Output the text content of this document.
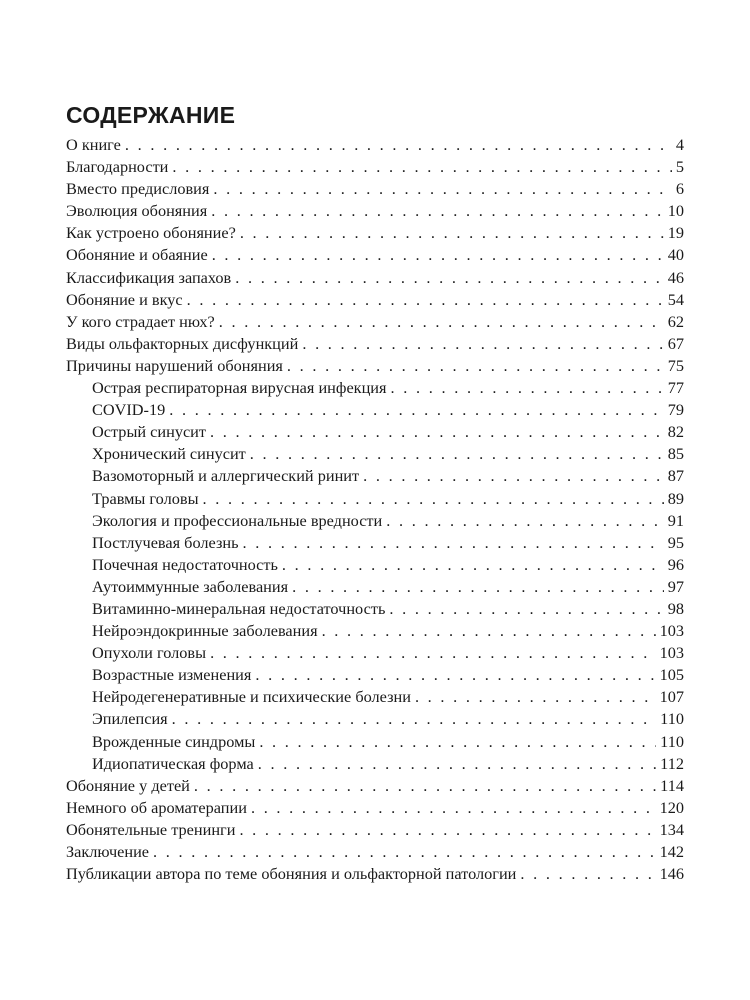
СОДЕРЖАНИЕ
О книге . . .	4
Благодарности . . .	5
Вместо предисловия . . .	6
Эволюция обоняния . . .	10
Как устроено обоняние? . . .	19
Обоняние и обаяние . . .	40
Классификация запахов . . .	46
Обоняние и вкус . . .	54
У кого страдает нюх? . . .	62
Виды ольфакторных дисфункций . . .	67
Причины нарушений обоняния . . .	75
Острая респираторная вирусная инфекция . . .	77
COVID-19 . . .	79
Острый синусит . . .	82
Хронический синусит . . .	85
Вазомоторный и аллергический ринит . . .	87
Травмы головы . . .	89
Экология и профессиональные вредности . . .	91
Постлучевая болезнь . . .	95
Почечная недостаточность . . .	96
Аутоиммунные заболевания . . .	97
Витаминно-минеральная недостаточность . . .	98
Нейроэндокринные заболевания . . .	103
Опухоли головы . . .	103
Возрастные изменения . . .	105
Нейродегенеративные и психические болезни . . .	107
Эпилепсия . . .	110
Врожденные синдромы . . .	110
Идиопатическая форма . . .	112
Обоняние у детей . . .	114
Немного об ароматерапии . . .	120
Обонятельные тренинги . . .	134
Заключение . . .	142
Публикации автора по теме обоняния и ольфакторной патологии . . .	146
